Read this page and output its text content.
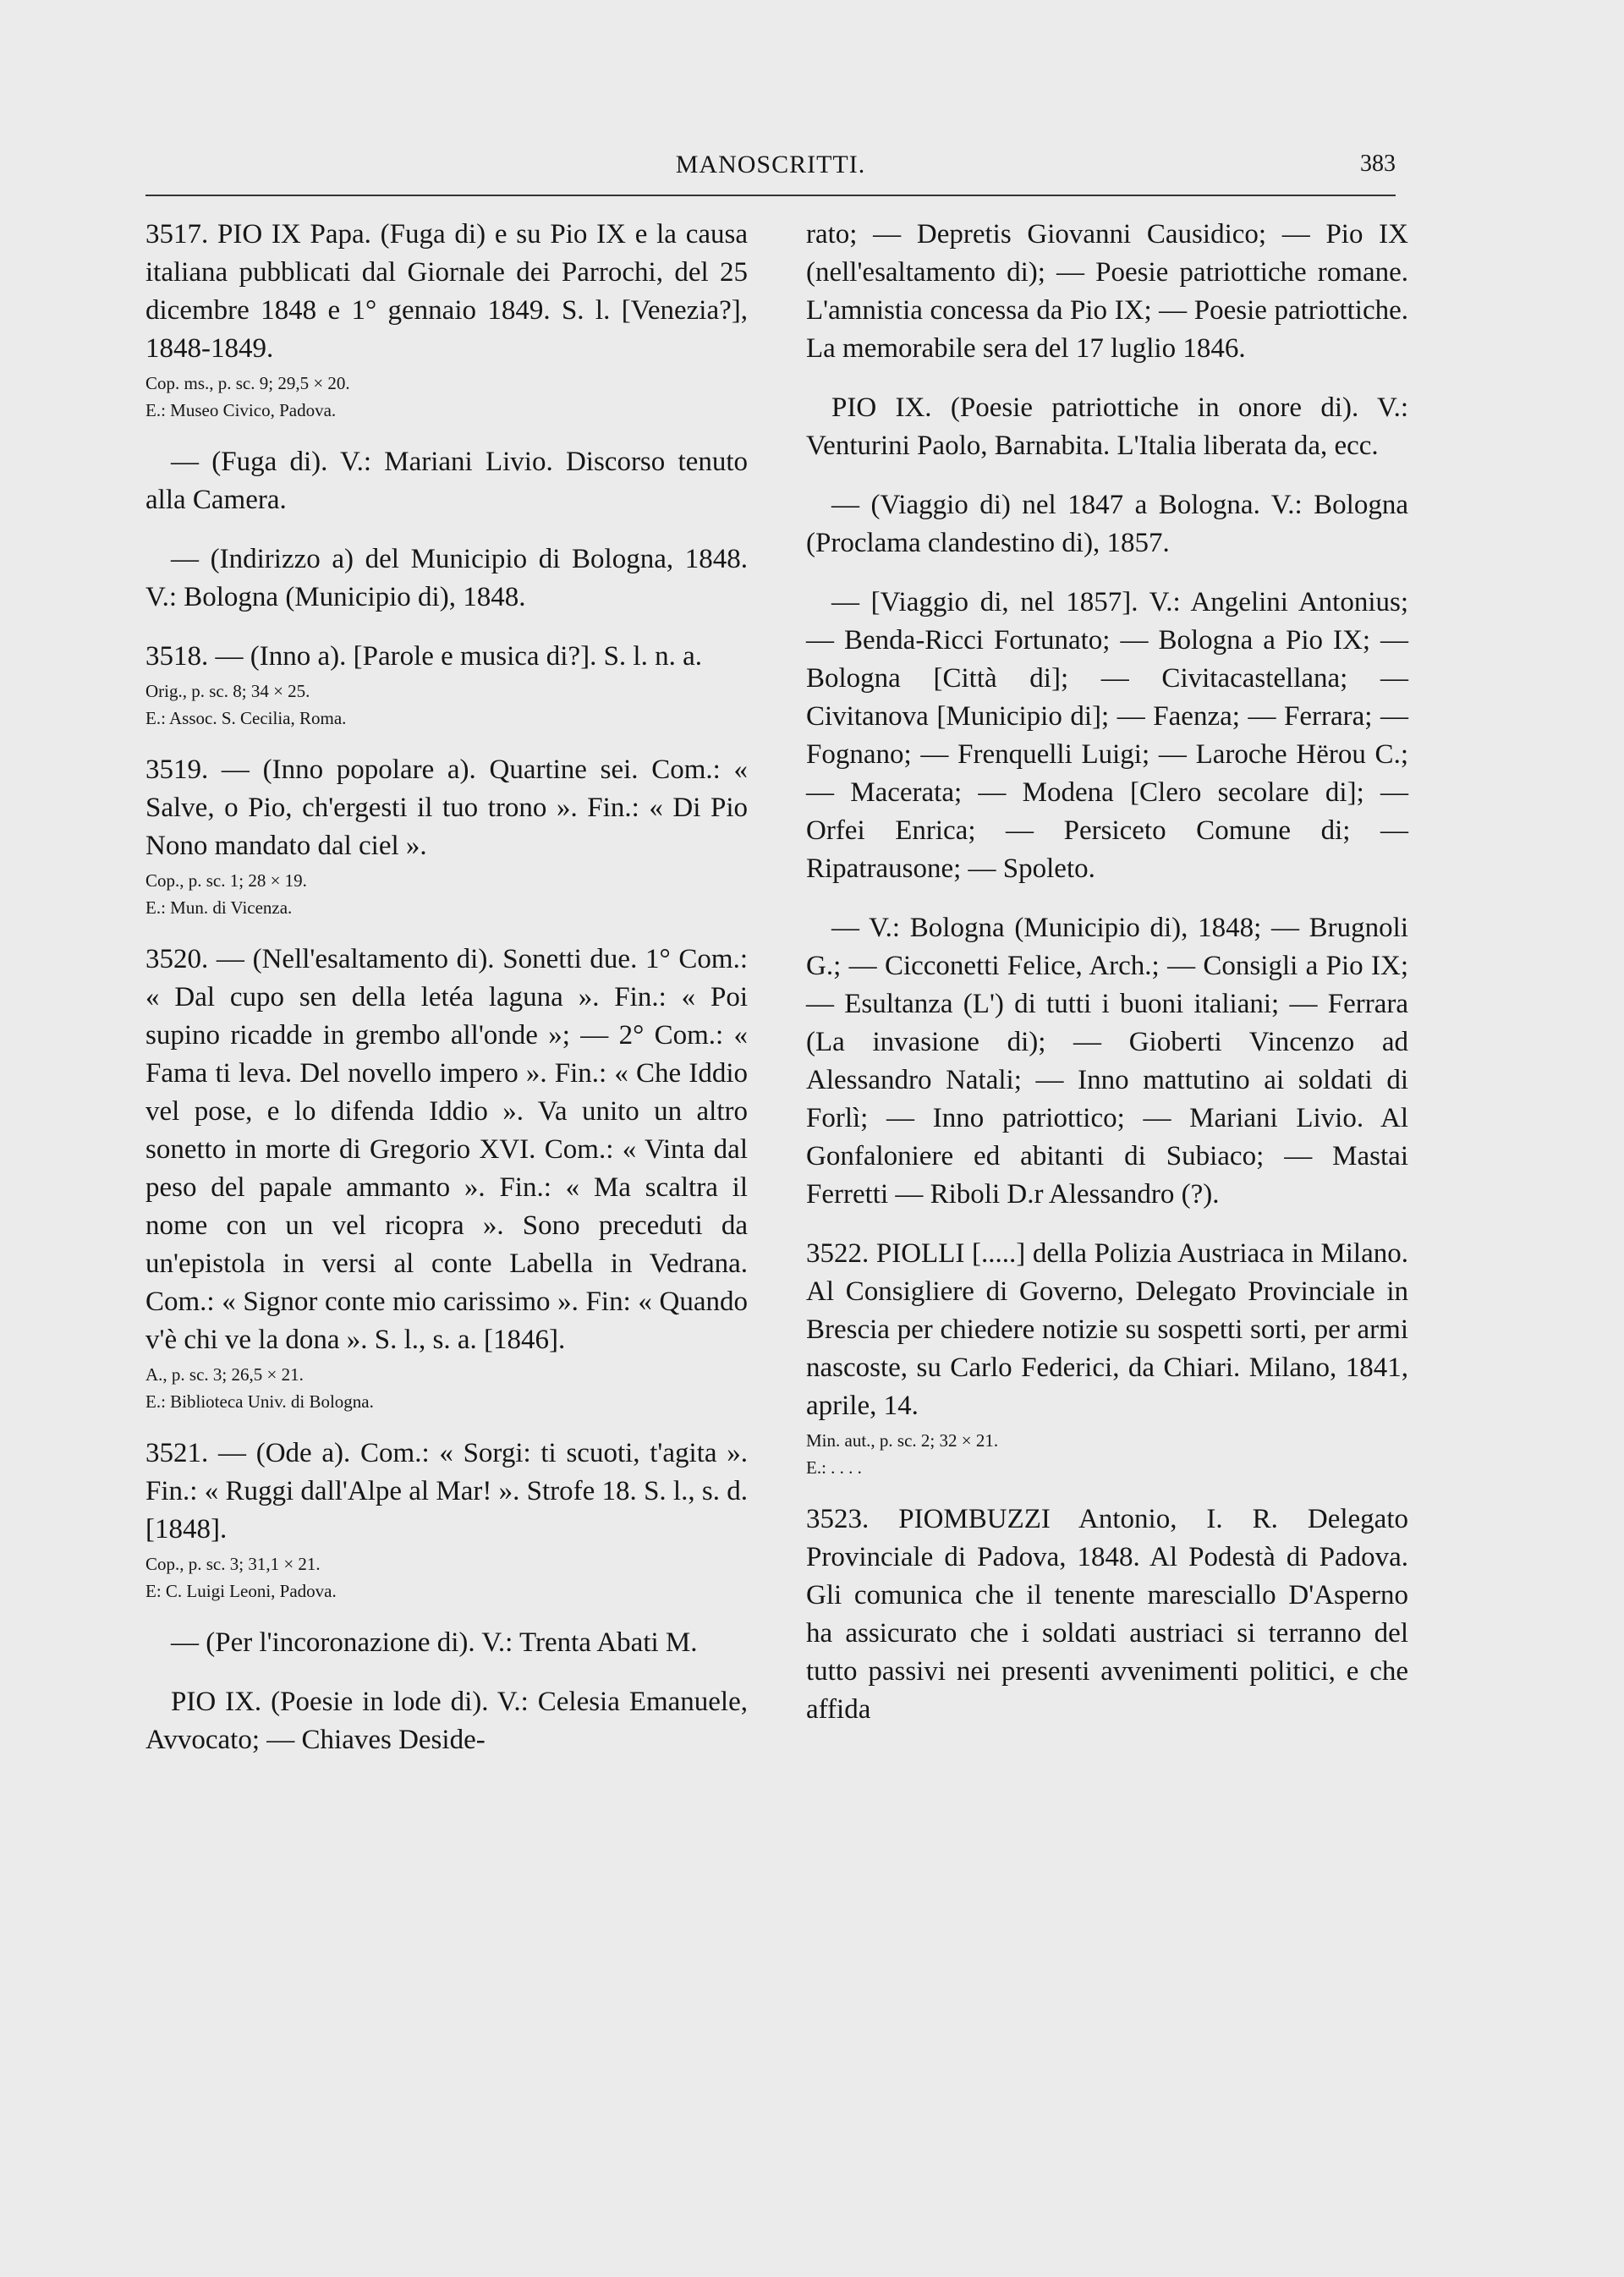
MANOSCRITTI.	383

3517. PIO IX Papa. (Fuga di) e su Pio IX e la causa italiana pubblicati dal Giornale dei Parrochi, del 25 dicembre 1848 e 1° gennaio 1849. S. l. [Venezia?], 1848-1849.

Cop. ms., p. sc. 9; 29,5 × 20.
E.: Museo Civico, Padova.

— (Fuga di). V.: Mariani Livio. Discorso tenuto alla Camera.

— (Indirizzo a) del Municipio di Bologna, 1848. V.: Bologna (Municipio di), 1848.

3518. — (Inno a). [Parole e musica di?]. S. l. n. a.

Orig., p. sc. 8; 34 × 25.
E.: Assoc. S. Cecilia, Roma.

3519. — (Inno popolare a). Quartine sei. Com.: « Salve, o Pio, ch'ergesti il tuo trono ». Fin.: « Di Pio Nono mandato dal ciel ».

Cop., p. sc. 1; 28 × 19.
E.: Mun. di Vicenza.

3520. — (Nell'esaltamento di). Sonetti due. 1° Com.: « Dal cupo sen della letéa laguna ». Fin.: « Poi supino ricadde in grembo all'onde »; — 2° Com.: « Fama ti leva. Del novello impero ». Fin.: « Che Iddio vel pose, e lo difenda Iddio ». Va unito un altro sonetto in morte di Gregorio XVI. Com.: « Vinta dal peso del papale ammanto ». Fin.: « Ma scaltra il nome con un vel ricopra ». Sono preceduti da un'epistola in versi al conte Labella in Vedrana. Com.: « Signor conte mio carissimo ». Fin: « Quando v'è chi ve la dona ». S. l., s. a. [1846].

A., p. sc. 3; 26,5 × 21.
E.: Biblioteca Univ. di Bologna.

3521. — (Ode a). Com.: « Sorgi: ti scuoti, t'agita ». Fin.: « Ruggi dall'Alpe al Mar! ». Strofe 18. S. l., s. d. [1848].

Cop., p. sc. 3; 31,1 × 21.
E: C. Luigi Leoni, Padova.

— (Per l'incoronazione di). V.: Trenta Abati M.

PIO IX. (Poesie in lode di). V.: Celesia Emanuele, Avvocato; — Chiaves Deside-

rato; — Depretis Giovanni Causidico; — Pio IX (nell'esaltamento di); — Poesie patriottiche romane. L'amnistia concessa da Pio IX; — Poesie patriottiche. La memorabile sera del 17 luglio 1846.

PIO IX. (Poesie patriottiche in onore di). V.: Venturini Paolo, Barnabita. L'Italia liberata da, ecc.

— (Viaggio di) nel 1847 a Bologna. V.: Bologna (Proclama clandestino di), 1857.

— [Viaggio di, nel 1857]. V.: Angelini Antonius; — Benda-Ricci Fortunato; — Bologna a Pio IX; — Bologna [Città di]; — Civitacastellana; — Civitanova [Municipio di]; — Faenza; — Ferrara; — Fognano; — Frenquelli Luigi; — Laroche Hërou C.; — Macerata; — Modena [Clero secolare di]; — Orfei Enrica; — Persiceto Comune di; — Ripatrausone; — Spoleto.

— V.: Bologna (Municipio di), 1848; — Brugnoli G.; — Cicconetti Felice, Arch.; — Consigli a Pio IX; — Esultanza (L') di tutti i buoni italiani; — Ferrara (La invasione di); — Gioberti Vincenzo ad Alessandro Natali; — Inno mattutino ai soldati di Forlì; — Inno patriottico; — Mariani Livio. Al Gonfaloniere ed abitanti di Subiaco; — Mastai Ferretti — Riboli D.r Alessandro (?).

3522. PIOLLI [.....] della Polizia Austriaca in Milano. Al Consigliere di Governo, Delegato Provinciale in Brescia per chiedere notizie su sospetti sorti, per armi nascoste, su Carlo Federici, da Chiari. Milano, 1841, aprile, 14.

Min. aut., p. sc. 2; 32 × 21.
E.: . . . .

3523. PIOMBUZZI Antonio, I. R. Delegato Provinciale di Padova, 1848. Al Podestà di Padova. Gli comunica che il tenente maresciallo D'Asperno ha assicurato che i soldati austriaci si terranno del tutto passivi nei presenti avvenimenti politici, e che affida
